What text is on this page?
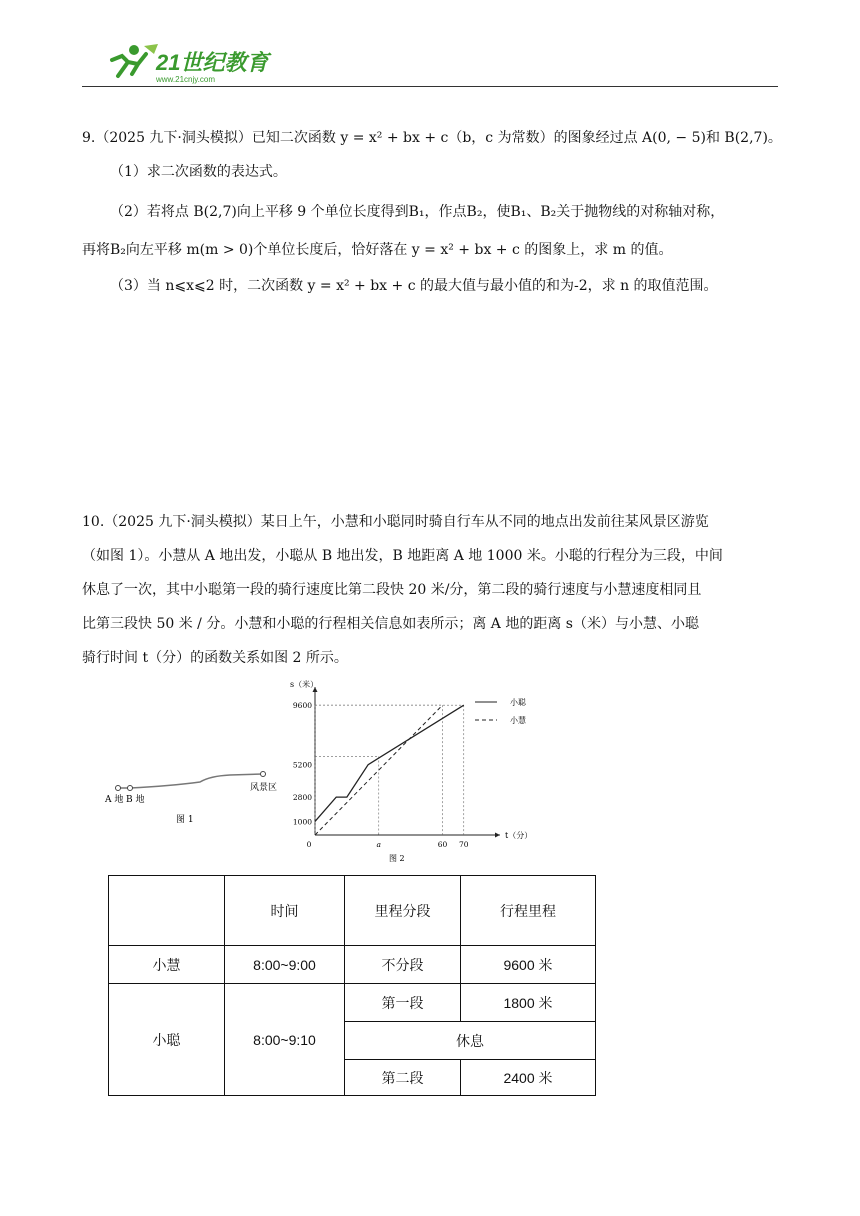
21世纪教育
www.21cnjy.com
9.（2025 九下·洞头模拟）已知二次函数 y = x² + bx + c（b，c 为常数）的图象经过点 A(0, − 5)和 B(2,7)。
（1）求二次函数的表达式。
（2）若将点 B(2,7)向上平移 9 个单位长度得到B₁，作点B₂，使B₁、B₂关于抛物线的对称轴对称，
再将B₂向左平移 m(m > 0)个单位长度后，恰好落在 y = x² + bx + c 的图象上，求 m 的值。
（3）当 n⩽x⩽2 时，二次函数 y = x² + bx + c 的最大值与最小值的和为-2，求 n 的取值范围。
10.（2025 九下·洞头模拟）某日上午，小慧和小聪同时骑自行车从不同的地点出发前往某风景区游览
（如图 1）。小慧从 A 地出发，小聪从 B 地出发，B 地距离 A 地 1000 米。小聪的行程分为三段，中间
休息了一次，其中小聪第一段的骑行速度比第二段快 20 米/分，第二段的骑行速度与小慧速度相同且
比第三段快 50 米 / 分。小慧和小聪的行程相关信息如表所示；离 A 地的距离 s（米）与小慧、小聪
骑行时间 t（分）的函数关系如图 2 所示。
A 地 B 地
风景区
图 1
s（米）
t（分）
1000
2800
5200
9600
0	a	60 70
小聪
小慧
图 2
	时间	里程分段	行程里程
小慧	8:00~9:00	不分段	9600 米
小聪	8:00~9:10	第一段	1800 米
		休息	
		第二段	2400 米
